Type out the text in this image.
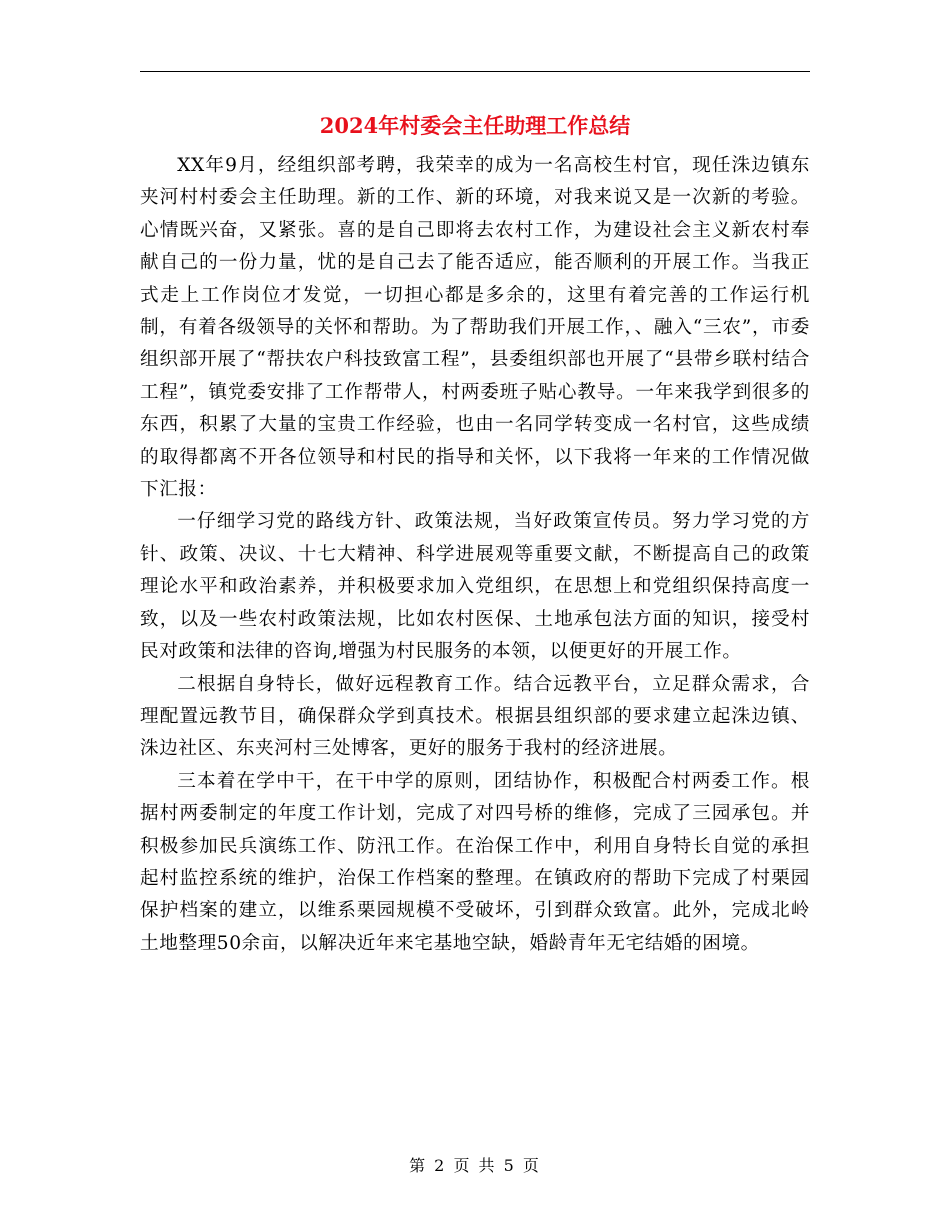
2024年村委会主任助理工作总结

XX年9月，经组织部考聘，我荣幸的成为一名高校生村官，现任洙边镇东夹河村村委会主任助理。新的工作、新的环境，对我来说又是一次新的考验。心情既兴奋，又紧张。喜的是自己即将去农村工作，为建设社会主义新农村奉献自己的一份力量，忧的是自己去了能否适应，能否顺利的开展工作。当我正式走上工作岗位才发觉，一切担心都是多余的，这里有着完善的工作运行机制，有着各级领导的关怀和帮助。为了帮助我们开展工作，、融入“三农”，市委组织部开展了“帮扶农户科技致富工程”，县委组织部也开展了“县带乡联村结合工程”，镇党委安排了工作帮带人，村两委班子贴心教导。一年来我学到很多的东西，积累了大量的宝贵工作经验，也由一名同学转变成一名村官，这些成绩的取得都离不开各位领导和村民的指导和关怀，以下我将一年来的工作情况做下汇报：

一仔细学习党的路线方针、政策法规，当好政策宣传员。努力学习党的方针、政策、决议、十七大精神、科学进展观等重要文献，不断提高自己的政策理论水平和政治素养，并积极要求加入党组织，在思想上和党组织保持高度一致，以及一些农村政策法规，比如农村医保、土地承包法方面的知识，接受村民对政策和法律的咨询,增强为村民服务的本领，以便更好的开展工作。

二根据自身特长，做好远程教育工作。结合远教平台，立足群众需求，合理配置远教节目，确保群众学到真技术。根据县组织部的要求建立起洙边镇、洙边社区、东夹河村三处博客，更好的服务于我村的经济进展。

三本着在学中干，在干中学的原则，团结协作，积极配合村两委工作。根据村两委制定的年度工作计划，完成了对四号桥的维修，完成了三园承包。并积极参加民兵演练工作、防汛工作。在治保工作中，利用自身特长自觉的承担起村监控系统的维护，治保工作档案的整理。在镇政府的帮助下完成了村栗园保护档案的建立，以维系栗园规模不受破坏，引到群众致富。此外，完成北岭土地整理50余亩，以解决近年来宅基地空缺，婚龄青年无宅结婚的困境。

第 2 页 共 5 页
